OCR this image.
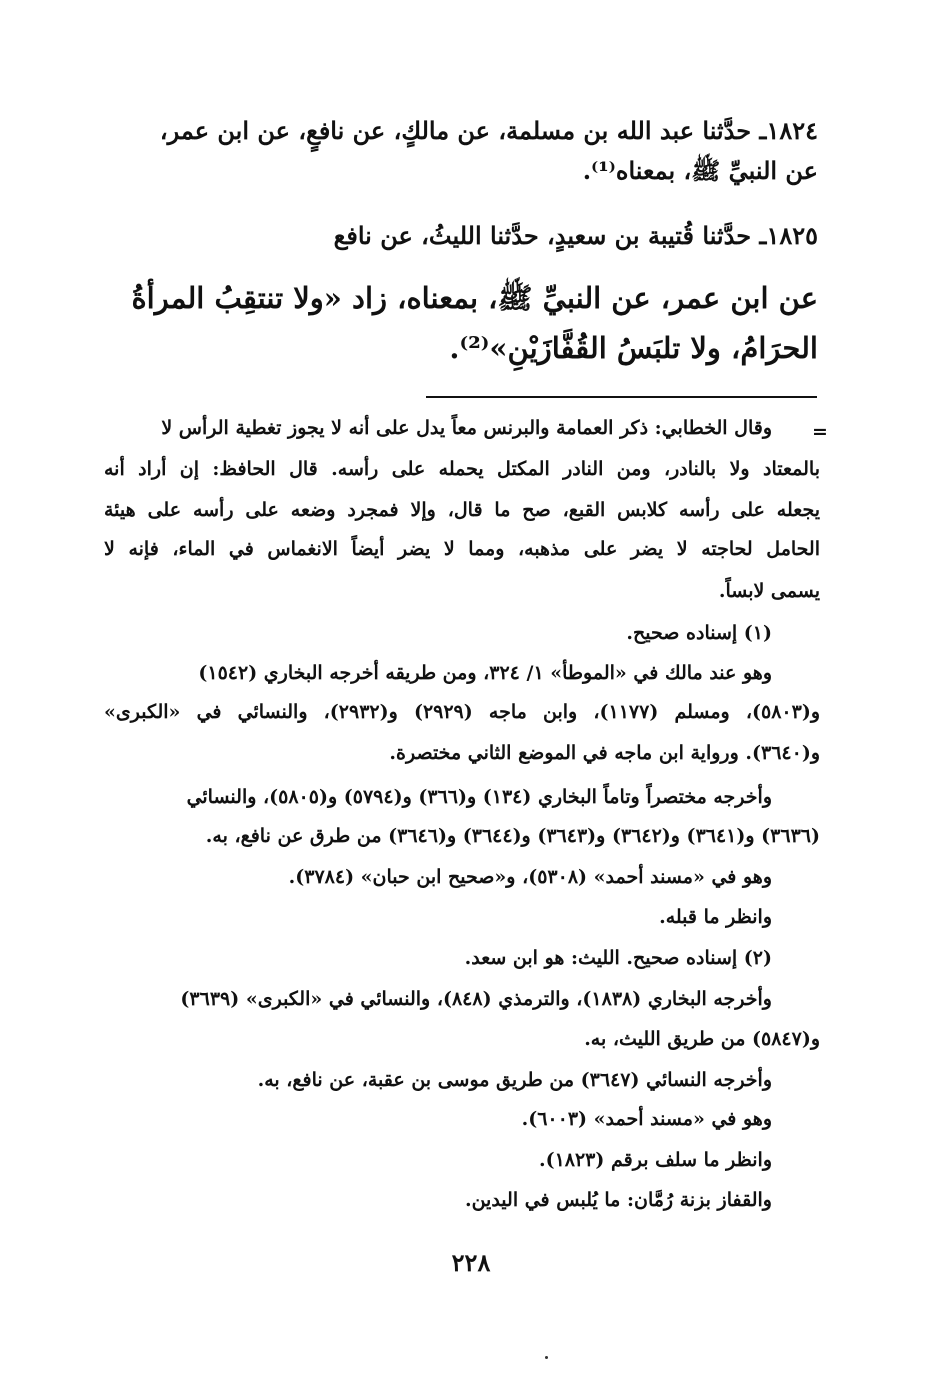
١٨٢٤ـ حدَّثنا عبد الله بن مسلمة، عن مالكٍ، عن نافعٍ، عن ابن عمر،
عن النبيِّ ﷺ، بمعناه⁽¹⁾.
١٨٢٥ـ حدَّثنا قُتيبة بن سعيدٍ، حدَّثنا الليثُ، عن نافع
عن ابن عمر، عن النبيِّ ﷺ، بمعناه، زاد «ولا تنتقِبُ المرأةُ
الحرَامُ، ولا تلبَسُ القُفَّازَيْنِ»⁽²⁾.
=
وقال الخطابي: ذكر العمامة والبرنس معاً يدل على أنه لا يجوز تغطية الرأس لا
بالمعتاد ولا بالنادر، ومن النادر المكتل يحمله على رأسه. قال الحافظ: إن أراد أنه
يجعله على رأسه كلابس القبع، صح ما قال، وإلا فمجرد وضعه على رأسه على هيئة
الحامل لحاجته لا يضر على مذهبه، ومما لا يضر أيضاً الانغماس في الماء، فإنه لا
يسمى لابساً.
(١) إسناده صحيح.
وهو عند مالك في «الموطأ» ١/ ٣٢٤، ومن طريقه أخرجه البخاري (١٥٤٢)
و(٥٨٠٣)، ومسلم (١١٧٧)، وابن ماجه (٢٩٢٩) و(٢٩٣٢)، والنسائي في «الكبرى»
و(٣٦٤٠). ورواية ابن ماجه في الموضع الثاني مختصرة.
وأخرجه مختصراً وتاماً البخاري (١٣٤) و(٣٦٦) و(٥٧٩٤) و(٥٨٠٥)، والنسائي
(٣٦٣٦) و(٣٦٤١) و(٣٦٤٢) و(٣٦٤٣) و(٣٦٤٤) و(٣٦٤٦) من طرق عن نافع، به.
وهو في «مسند أحمد» (٥٣٠٨)، و«صحيح ابن حبان» (٣٧٨٤).
وانظر ما قبله.
(٢) إسناده صحيح. الليث: هو ابن سعد.
وأخرجه البخاري (١٨٣٨)، والترمذي (٨٤٨)، والنسائي في «الكبرى» (٣٦٣٩)
و(٥٨٤٧) من طريق الليث، به.
وأخرجه النسائي (٣٦٤٧) من طريق موسى بن عقبة، عن نافع، به.
وهو في «مسند أحمد» (٦٠٠٣).
وانظر ما سلف برقم (١٨٢٣).
والقفاز بزنة رُمَّان: ما يُلبس في اليدين.
٢٢٨
